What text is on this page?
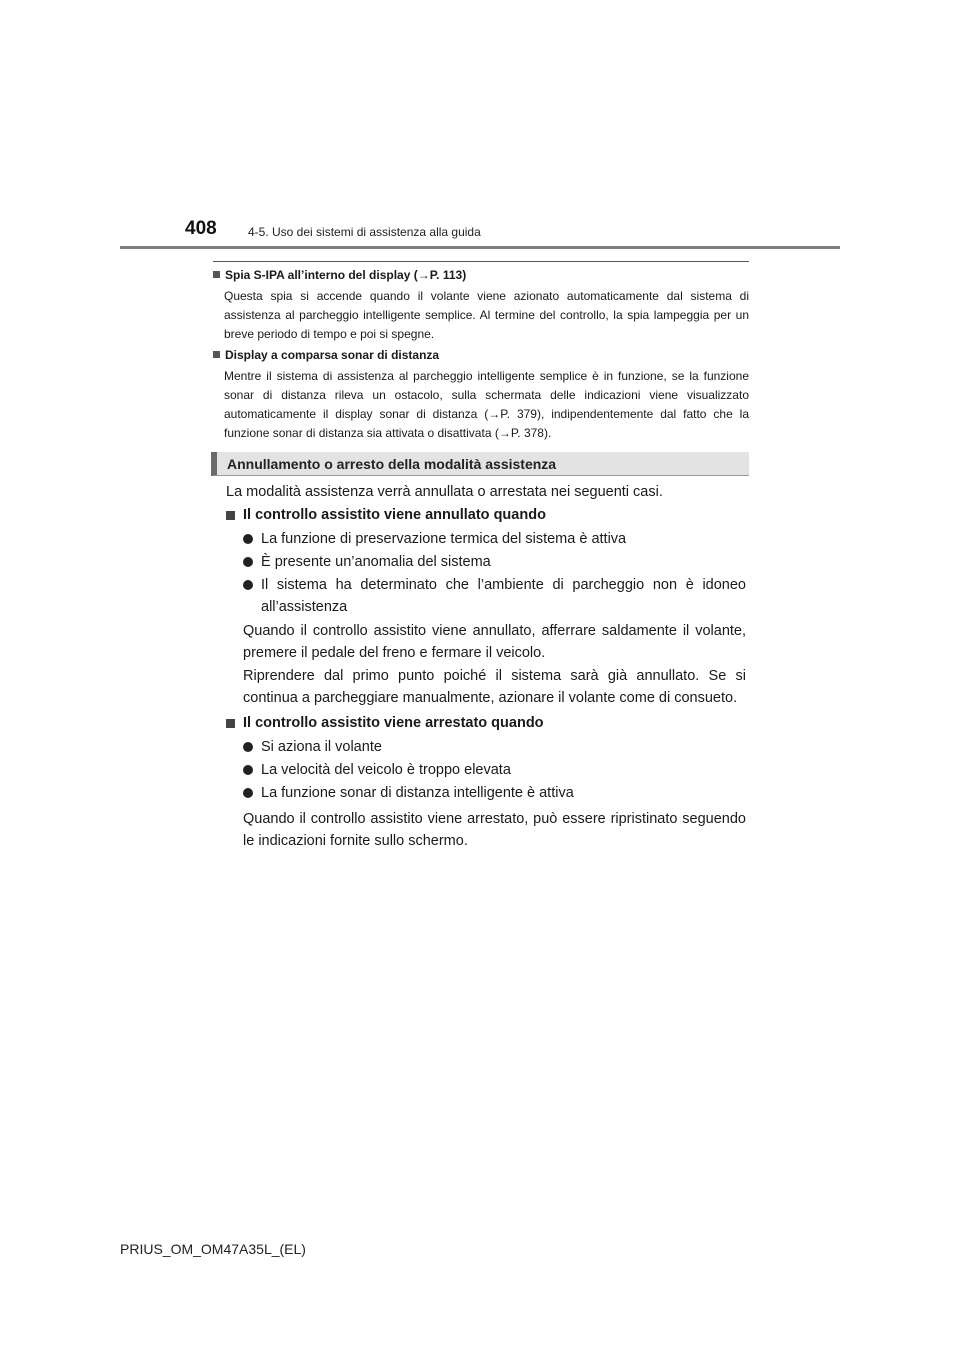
408	4-5. Uso dei sistemi di assistenza alla guida
Spia S-IPA all’interno del display (→P. 113)
Questa spia si accende quando il volante viene azionato automaticamente dal sistema di assistenza al parcheggio intelligente semplice. Al termine del controllo, la spia lampeggia per un breve periodo di tempo e poi si spegne.
Display a comparsa sonar di distanza
Mentre il sistema di assistenza al parcheggio intelligente semplice è in funzione, se la funzione sonar di distanza rileva un ostacolo, sulla schermata delle indicazioni viene visualizzato automaticamente il display sonar di distanza (→P. 379), indipendentemente dal fatto che la funzione sonar di distanza sia attivata o disattivata (→P. 378).
Annullamento o arresto della modalità assistenza
La modalità assistenza verrà annullata o arrestata nei seguenti casi.
Il controllo assistito viene annullato quando
La funzione di preservazione termica del sistema è attiva
È presente un’anomalia del sistema
Il sistema ha determinato che l’ambiente di parcheggio non è idoneo all’assistenza
Quando il controllo assistito viene annullato, afferrare saldamente il volante, premere il pedale del freno e fermare il veicolo.
Riprendere dal primo punto poiché il sistema sarà già annullato. Se si continua a parcheggiare manualmente, azionare il volante come di consueto.
Il controllo assistito viene arrestato quando
Si aziona il volante
La velocità del veicolo è troppo elevata
La funzione sonar di distanza intelligente è attiva
Quando il controllo assistito viene arrestato, può essere ripristinato seguendo le indicazioni fornite sullo schermo.
PRIUS_OM_OM47A35L_(EL)
